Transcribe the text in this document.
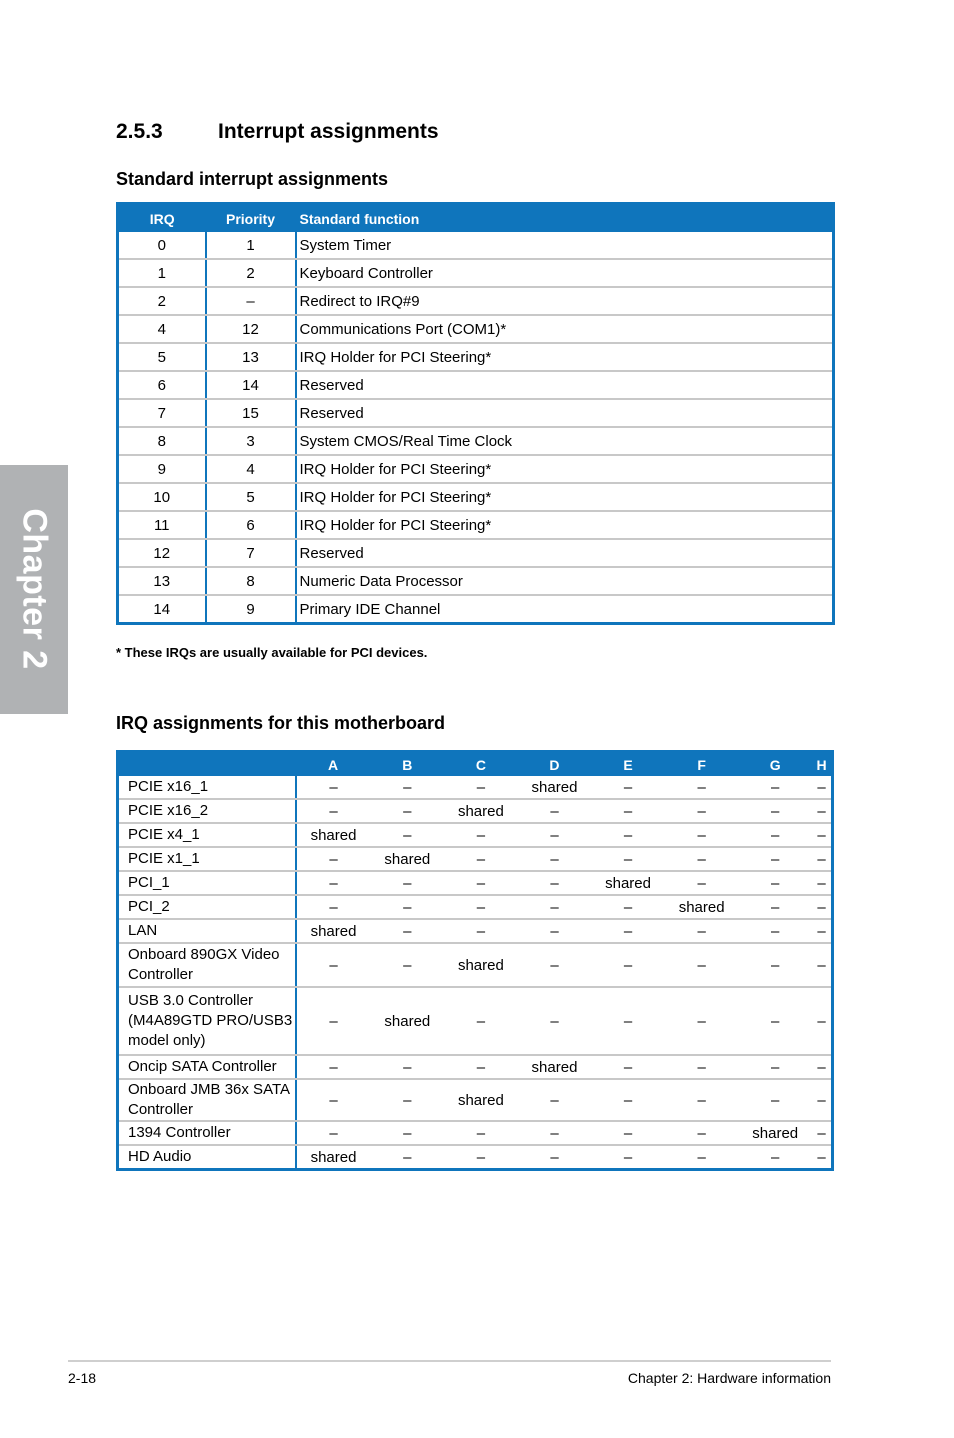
Chapter 2
2.5.3	Interrupt assignments
Standard interrupt assignments
IRQ	Priority	Standard function
0	1	System Timer
1	2	Keyboard Controller
2	–	Redirect to IRQ#9
4	12	Communications Port (COM1)*
5	13	IRQ Holder for PCI Steering*
6	14	Reserved
7	15	Reserved
8	3	System CMOS/Real Time Clock
9	4	IRQ Holder for PCI Steering*
10	5	IRQ Holder for PCI Steering*
11	6	IRQ Holder for PCI Steering*
12	7	Reserved
13	8	Numeric Data Processor
14	9	Primary IDE Channel
* These IRQs are usually available for PCI devices.
IRQ assignments for this motherboard
	A	B	C	D	E	F	G	H
PCIE x16_1	–	–	–	shared	–	–	–	–
PCIE x16_2	–	–	shared	–	–	–	–	–
PCIE x4_1	shared	–	–	–	–	–	–	–
PCIE x1_1	–	shared	–	–	–	–	–	–
PCI_1	–	–	–	–	shared	–	–	–
PCI_2	–	–	–	–	–	shared	–	–
LAN	shared	–	–	–	–	–	–	–
Onboard 890GX Video Controller	–	–	shared	–	–	–	–	–
USB 3.0 Controller (M4A89GTD PRO/USB3 model only)	–	shared	–	–	–	–	–	–
Oncip SATA Controller	–	–	–	shared	–	–	–	–
Onboard JMB 36x SATA Controller	–	–	shared	–	–	–	–	–
1394 Controller	–	–	–	–	–	–	shared	–
HD Audio	shared	–	–	–	–	–	–	–
2-18	Chapter 2: Hardware information
